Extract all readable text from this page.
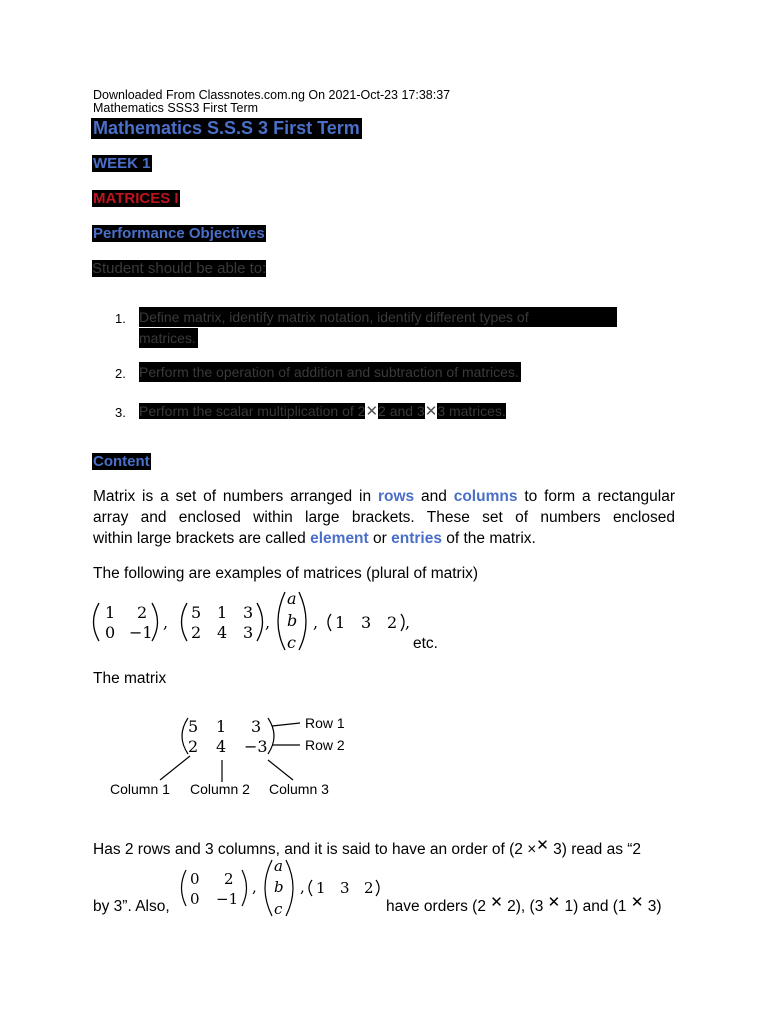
Downloaded From Classnotes.com.ng On 2021-Oct-23 17:38:37
Mathematics SSS3 First Term
Mathematics S.S.S 3 First Term
WEEK 1
MATRICES I
Performance Objectives
Student should be able to:
1. Define matrix, identify matrix notation, identify different types of
matrices.
2. Perform the operation of addition and subtraction of matrices.
3. Perform the scalar multiplication of 2✕2 and 3✕3 matrices.
Content
Matrix is a set of numbers arranged in rows and columns to form a rectangular
array and enclosed within large brackets. These set of numbers enclosed
within large brackets are called element or entries of the matrix.
The following are examples of matrices (plural of matrix)
1 2
0 −1
,
5 1 3
2 4 3
,
a
b
c
, 1 3 2 ,
etc.
The matrix
5 1 3
2 4 −3
Row 1
Row 2
Column 1 Column 2 Column 3
Has 2 rows and 3 columns, and it is said to have an order of (2 ×✕ 3) read as “2
0 2
0 −1
,
a
b
c
, 1 3 2
by 3”. Also,	have orders (2 ✕ 2), (3 ✕ 1) and (1 ✕ 3)
